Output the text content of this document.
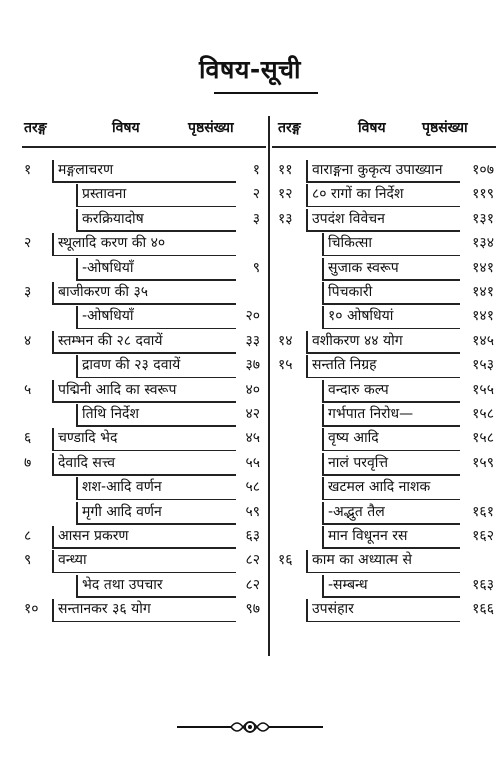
विषय-सूची
तरङ्ग	विषय	पृष्ठसंख्या
१ मङ्गलाचरण	१
प्रस्तावना	२
करक्रियादोष	३
२ स्थूलादि करण की ४०
-ओषधियाँ	९
३ बाजीकरण की ३५
-ओषधियाँ	२०
४ स्तम्भन की २८ दवायें	३३
द्रावण की २३ दवायें	३७
५ पद्मिनी आदि का स्वरूप	४०
तिथि निर्देश	४२
६ चण्डादि भेद	४५
७ देवादि सत्त्व	५५
शश-आदि वर्णन	५८
मृगी आदि वर्णन	५९
८ आसन प्रकरण	६३
९ वन्ध्या	८२
भेद तथा उपचार	८२
१० सन्तानकर ३६ योग	९७
तरङ्ग	विषय	पृष्ठसंख्या
११ वाराङ्गना कुकृत्य उपाख्यान १०७
१२ ८० रागों का निर्देश	११९
१३ उपदंश विवेचन	१३१
चिकित्सा	१३४
सुजाक स्वरूप	१४१
पिचकारी	१४१
१० ओषधियां	१४१
१४ वशीकरण ४४ योग	१४५
१५ सन्तति निग्रह	१५३
वन्दारु कल्प	१५५
गर्भपात निरोध—	१५८
वृष्य आदि	१५८
नालं परवृत्ति	१५९
खटमल आदि नाशक
-अद्भुत तैल	१६१
मान विधूनन रस	१६२
१६ काम का अध्यात्म से
-सम्बन्ध	१६३
उपसंहार	१६६
